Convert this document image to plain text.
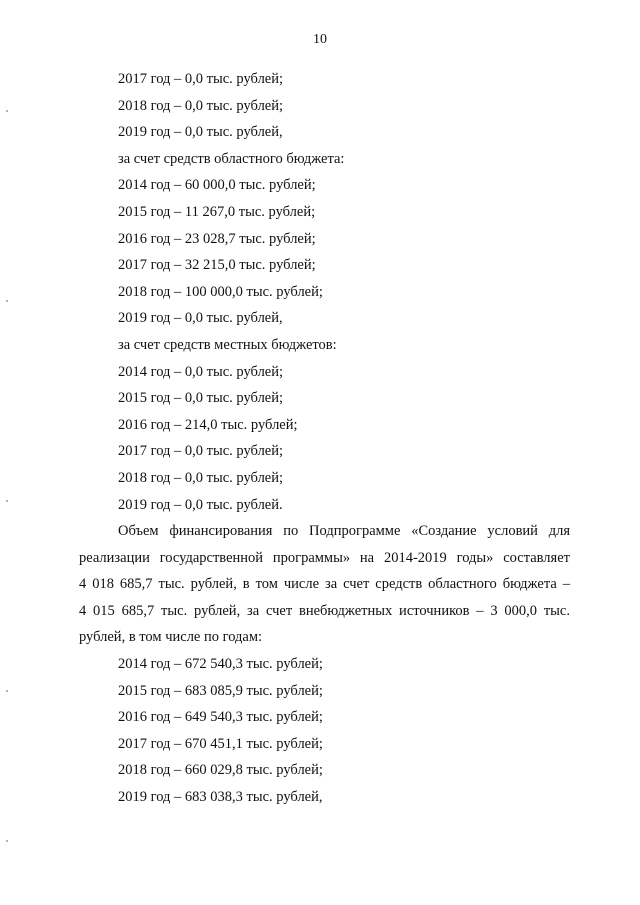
10
2017 год – 0,0 тыс. рублей;
2018 год – 0,0 тыс. рублей;
2019 год – 0,0 тыс. рублей,
за счет средств областного бюджета:
2014 год – 60 000,0 тыс. рублей;
2015 год – 11 267,0 тыс. рублей;
2016 год – 23 028,7 тыс. рублей;
2017 год – 32 215,0 тыс. рублей;
2018 год – 100 000,0 тыс. рублей;
2019 год – 0,0 тыс. рублей,
за счет средств местных бюджетов:
2014 год – 0,0 тыс. рублей;
2015 год – 0,0 тыс. рублей;
2016 год – 214,0 тыс. рублей;
2017 год – 0,0 тыс. рублей;
2018 год – 0,0 тыс. рублей;
2019 год – 0,0 тыс. рублей.
Объем финансирования по Подпрограмме «Создание условий для
реализации государственной программы» на 2014-2019 годы» составляет
4 018 685,7 тыс. рублей, в том числе за счет средств областного бюджета –
4 015 685,7 тыс. рублей, за счет внебюджетных источников – 3 000,0 тыс.
рублей, в том числе по годам:
2014 год – 672 540,3 тыс. рублей;
2015 год – 683 085,9 тыс. рублей;
2016 год – 649 540,3 тыс. рублей;
2017 год – 670 451,1 тыс. рублей;
2018 год – 660 029,8 тыс. рублей;
2019 год – 683 038,3 тыс. рублей,
